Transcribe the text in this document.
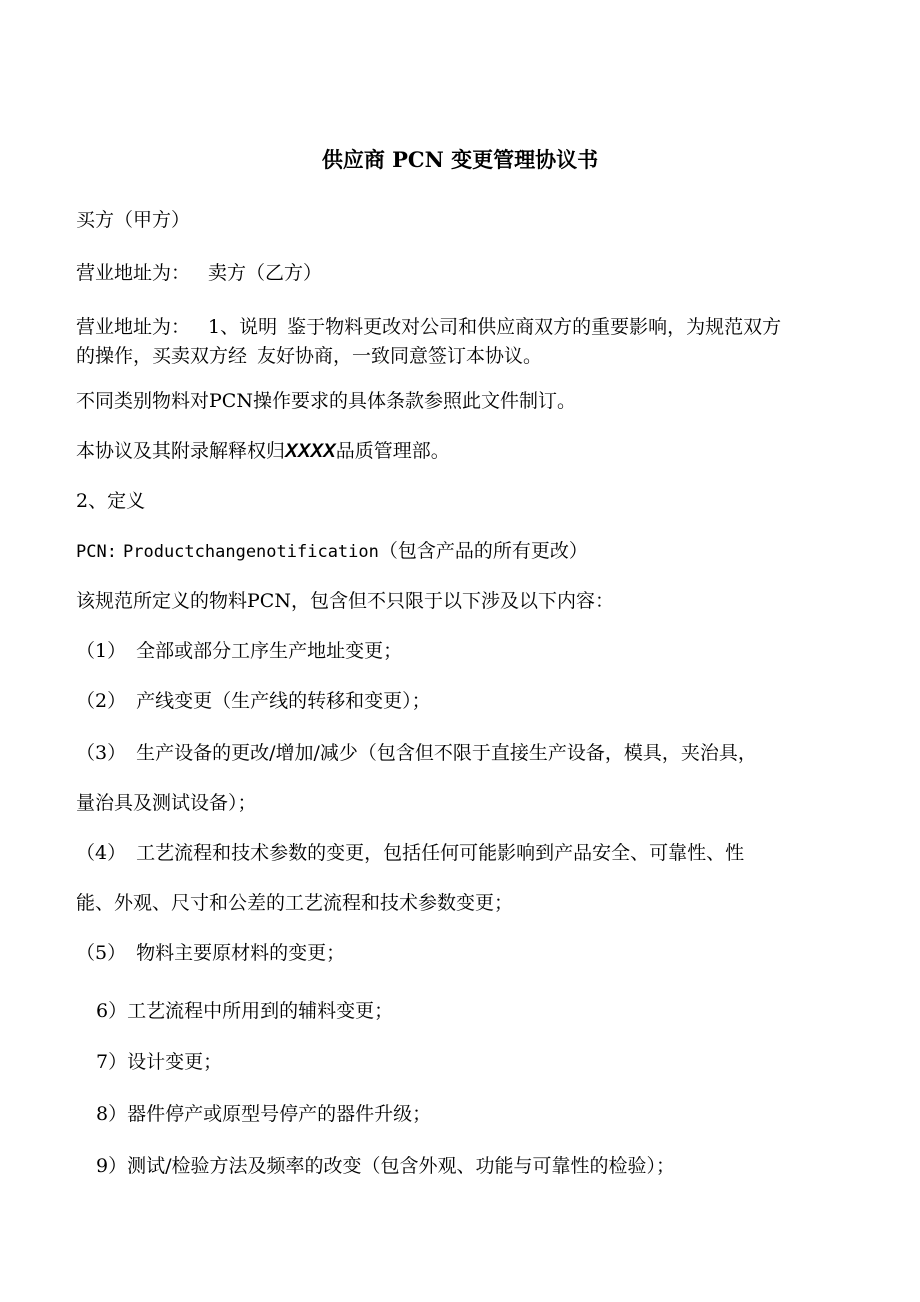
供应商 PCN 变更管理协议书

买方（甲方）

营业地址为： 卖方（乙方）

营业地址为： 1、说明 鉴于物料更改对公司和供应商双方的重要影响，为规范双方

的操作，买卖双方经 友好协商，一致同意签订本协议。

不同类别物料对PCN操作要求的具体条款参照此文件制订。

本协议及其附录解释权归XXXX品质管理部。

2、定义

PCN: Productchangenotification（包含产品的所有更改）

该规范所定义的物料PCN，包含但不只限于以下涉及以下内容：

（1） 全部或部分工序生产地址变更；

（2） 产线变更（生产线的转移和变更）；

（3） 生产设备的更改/增加/减少（包含但不限于直接生产设备，模具，夹治具，

量治具及测试设备）；

（4） 工艺流程和技术参数的变更，包括任何可能影响到产品安全、可靠性、性

能、外观、尺寸和公差的工艺流程和技术参数变更；

（5） 物料主要原材料的变更；

6）工艺流程中所用到的辅料变更；

7）设计变更；

8）器件停产或原型号停产的器件升级；

9）测试/检验方法及频率的改变（包含外观、功能与可靠性的检验）；
